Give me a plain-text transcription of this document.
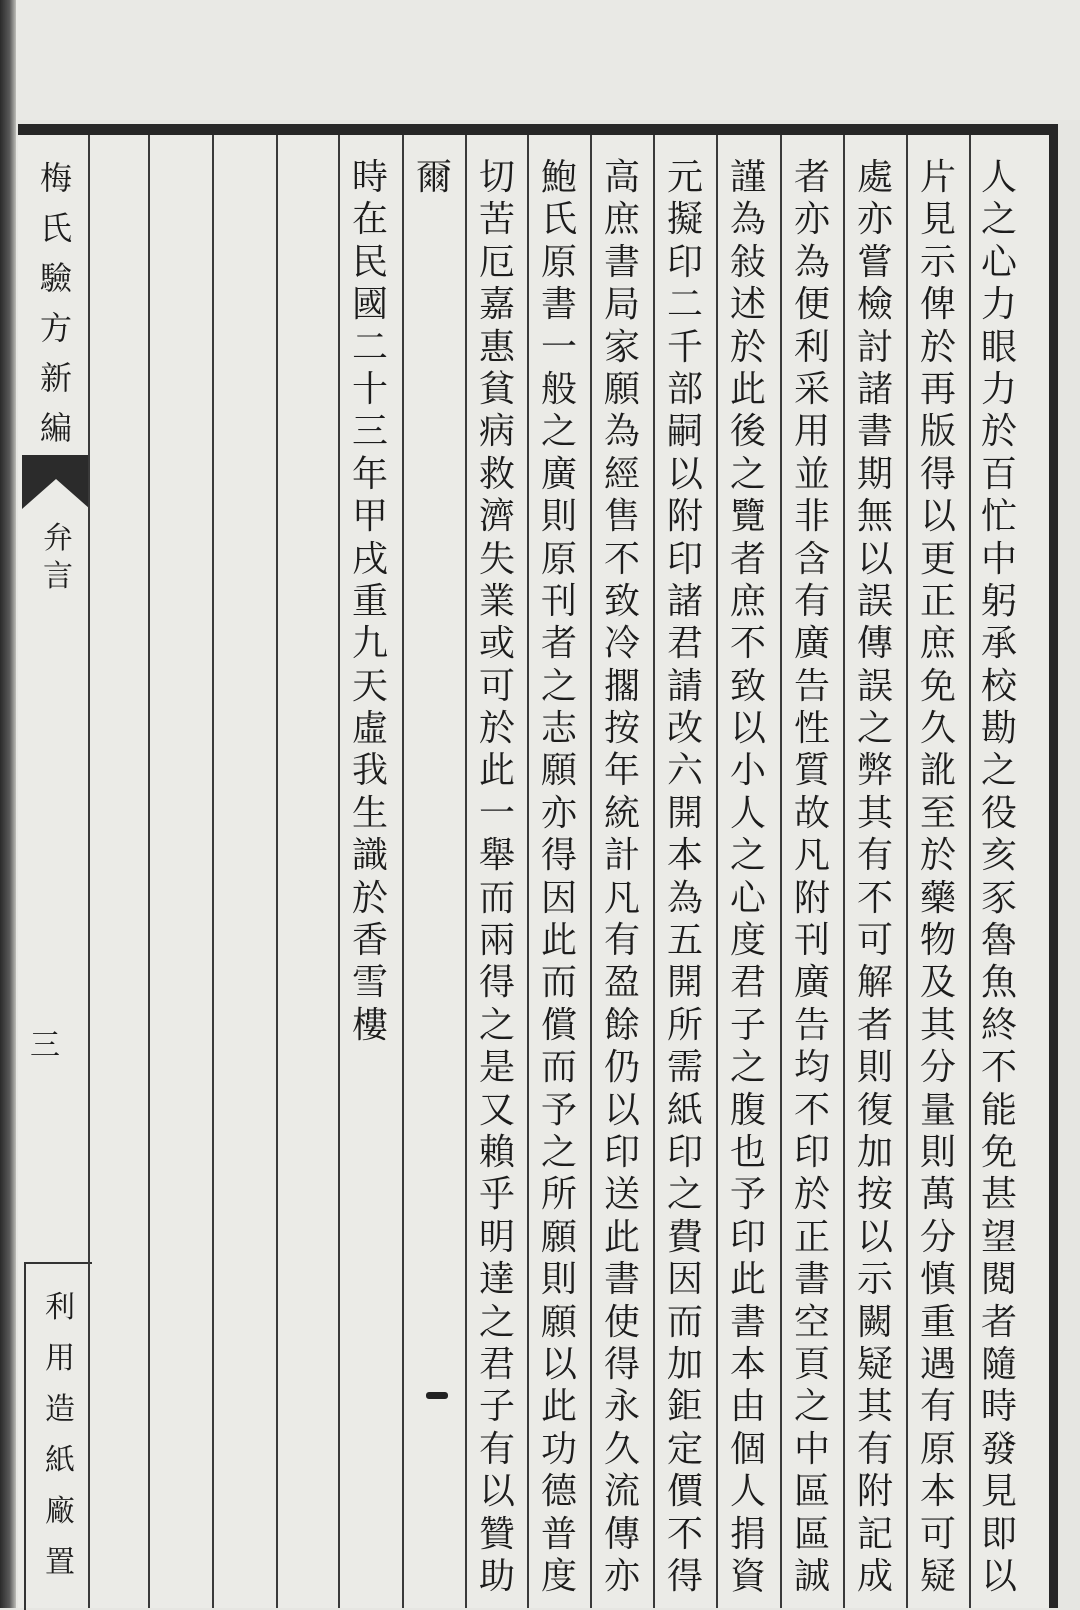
梅
氏
驗
方
新
編
弁
言
三
利
用
造
紙
廠
置
人
之
心
力
眼
力
於
百
忙
中
躬
承
校
勘
之
役
亥
豕
魯
魚
終
不
能
免
甚
望
閱
者
隨
時
發
見
即
以
片
見
示
俾
於
再
版
得
以
更
正
庶
免
久
訛
至
於
藥
物
及
其
分
量
則
萬
分
慎
重
遇
有
原
本
可
疑
處
亦
嘗
檢
討
諸
書
期
無
以
誤
傳
誤
之
弊
其
有
不
可
解
者
則
復
加
按
以
示
闕
疑
其
有
附
記
成
者
亦
為
便
利
采
用
並
非
含
有
廣
告
性
質
故
凡
附
刊
廣
告
均
不
印
於
正
書
空
頁
之
中
區
區
誠
謹
為
敍
述
於
此
後
之
覽
者
庶
不
致
以
小
人
之
心
度
君
子
之
腹
也
予
印
此
書
本
由
個
人
捐
資
元
擬
印
二
千
部
嗣
以
附
印
諸
君
請
改
六
開
本
為
五
開
所
需
紙
印
之
費
因
而
加
鉅
定
價
不
得
高
庶
書
局
家
願
為
經
售
不
致
冷
擱
按
年
統
計
凡
有
盈
餘
仍
以
印
送
此
書
使
得
永
久
流
傳
亦
鮑
氏
原
書
一
般
之
廣
則
原
刊
者
之
志
願
亦
得
因
此
而
償
而
予
之
所
願
則
願
以
此
功
德
普
度
切
苦
厄
嘉
惠
貧
病
救
濟
失
業
或
可
於
此
一
舉
而
兩
得
之
是
又
賴
乎
明
達
之
君
子
有
以
贊
助
爾
時
在
民
國
二
十
三
年
甲
戌
重
九
天
虛
我
生
識
於
香
雪
樓
